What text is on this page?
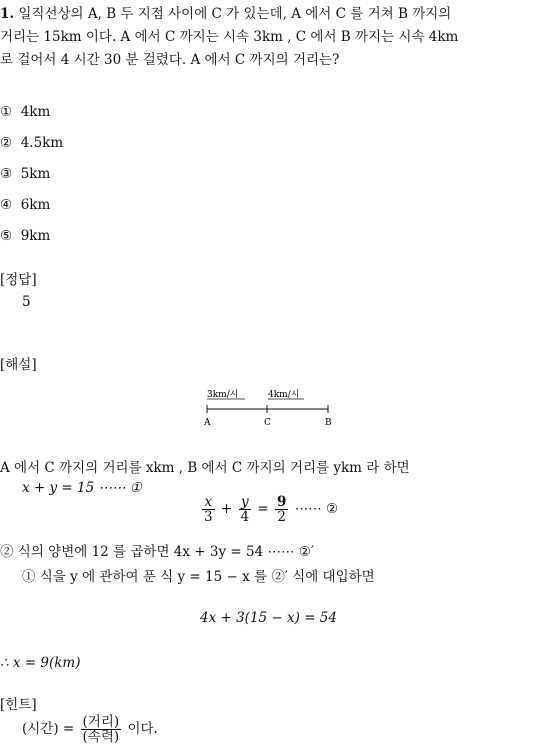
1. 일직선상의 A, B 두 지점 사이에 C 가 있는데, A 에서 C 를 거쳐 B 까지의
거리는 15km 이다. A 에서 C 까지는 시속 3km , C 에서 B 까지는 시속 4km
로 걸어서 4 시간 30 분 걸렸다. A 에서 C 까지의 거리는?
① 4km
② 4.5km
③ 5km
④ 6km
⑤ 9km
[정답]
5
[해설]
3km/시	4km/시
A	C	B
A 에서 C 까지의 거리를 xkm , B 에서 C 까지의 거리를 ykm 라 하면
x + y = 15 ⋯⋯ ①
$\frac{x}{3} + \frac{y}{4} = \frac{9}{2}$ ⋯⋯ ②
② 식의 양변에 12 를 곱하면 4x + 3y = 54 ⋯⋯ ②′
① 식을 y 에 관하여 푼 식 y = 15 − x 를 ②′ 식에 대입하면
4x + 3(15 − x) = 54
∴ x = 9(km)
[힌트]
(시간) = $\frac{\text{(거리)}}{\text{(속력)}}$ 이다.
